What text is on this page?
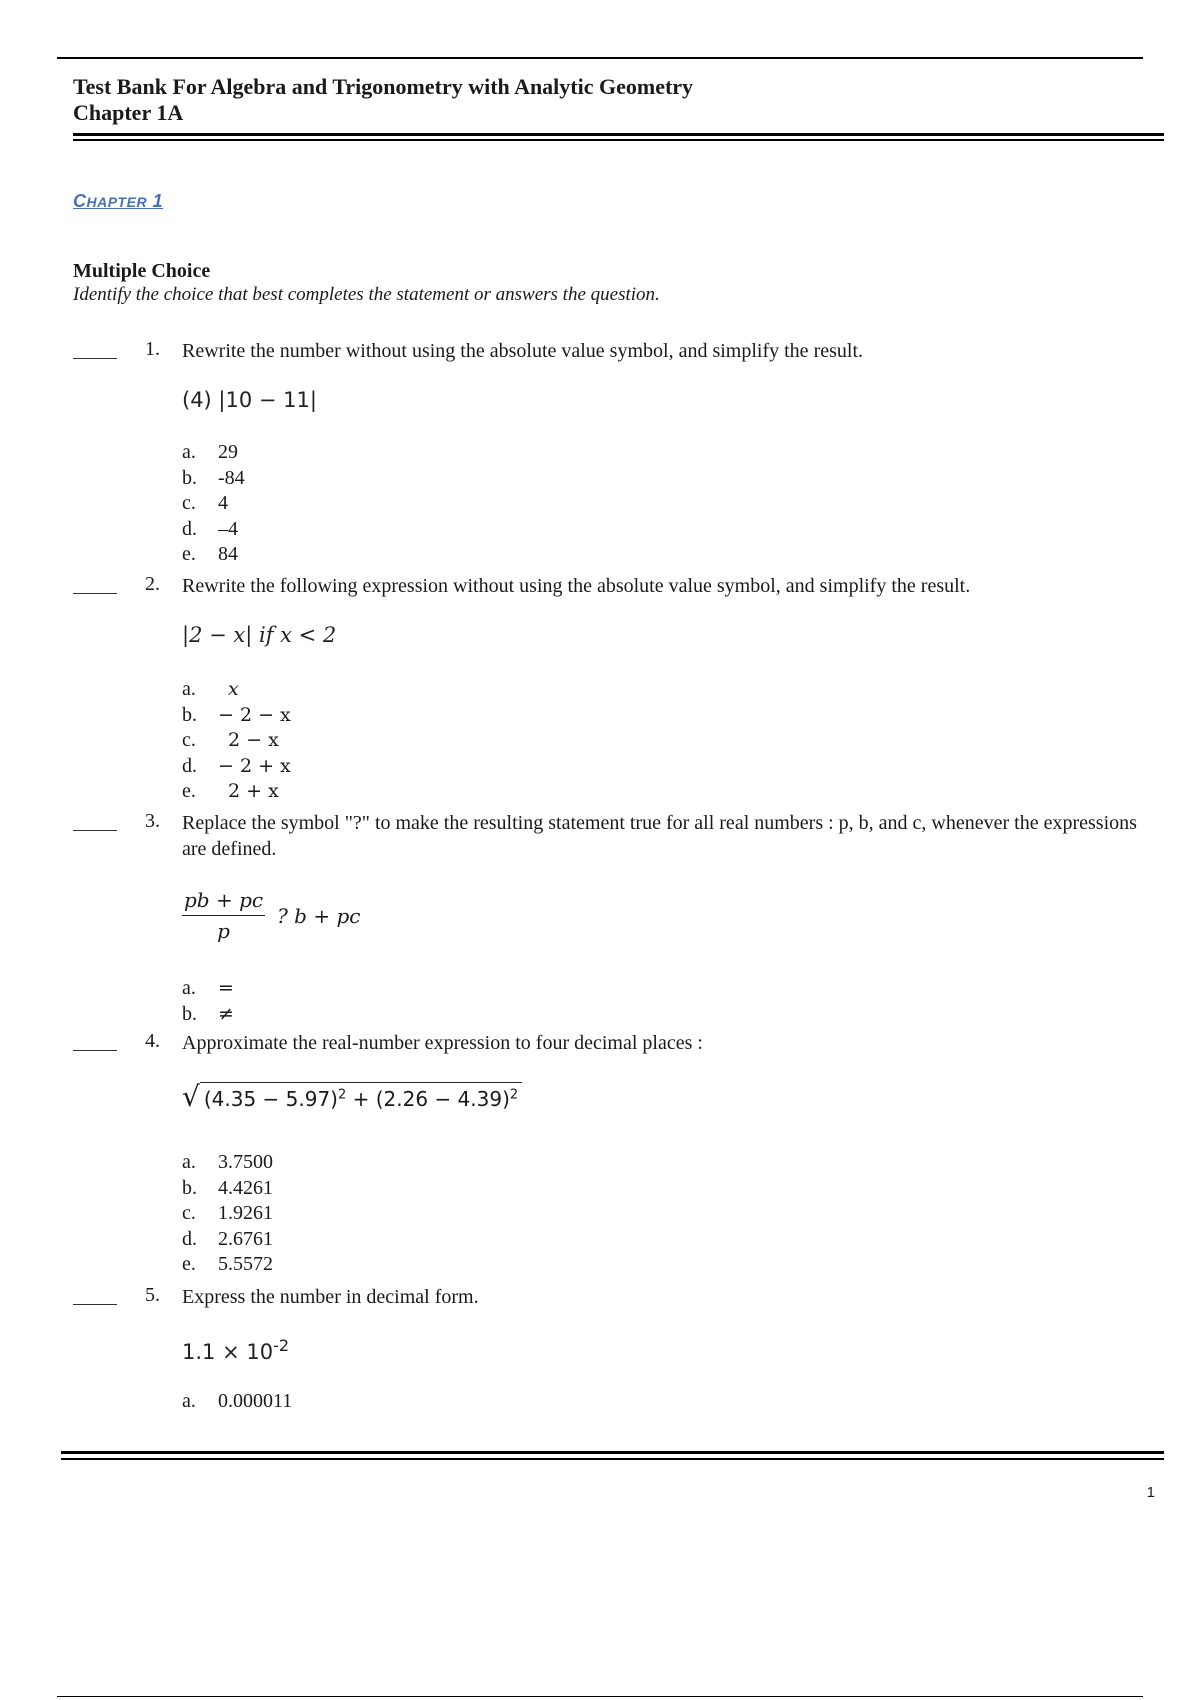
Test Bank For Algebra and Trigonometry with Analytic Geometry
Chapter 1A
CHAPTER 1
Multiple Choice
Identify the choice that best completes the statement or answers the question.
1. Rewrite the number without using the absolute value symbol, and simplify the result.
(4) |10 − 11|
a.	29
b.	-84
c.	4
d.	–4
e.	84
2. Rewrite the following expression without using the absolute value symbol, and simplify the result.
|2 − x| if x < 2
a.	x
b.	− 2 − x
c.	2 − x
d.	− 2 + x
e.	2 + x
3. Replace the symbol "?" to make the resulting statement true for all real numbers : p, b, and c, whenever the expressions are defined.
$\frac{pb + pc}{p}$ ? b + pc
a.	=
b.	≠
4. Approximate the real-number expression to four decimal places :
√ $(4.35 - 5.97)^2 + (2.26 - 4.39)^2$
a.	3.7500
b.	4.4261
c.	1.9261
d.	2.6761
e.	5.5572
5. Express the number in decimal form.
$1.1 \times 10^{-2}$
a.	0.000011
1
